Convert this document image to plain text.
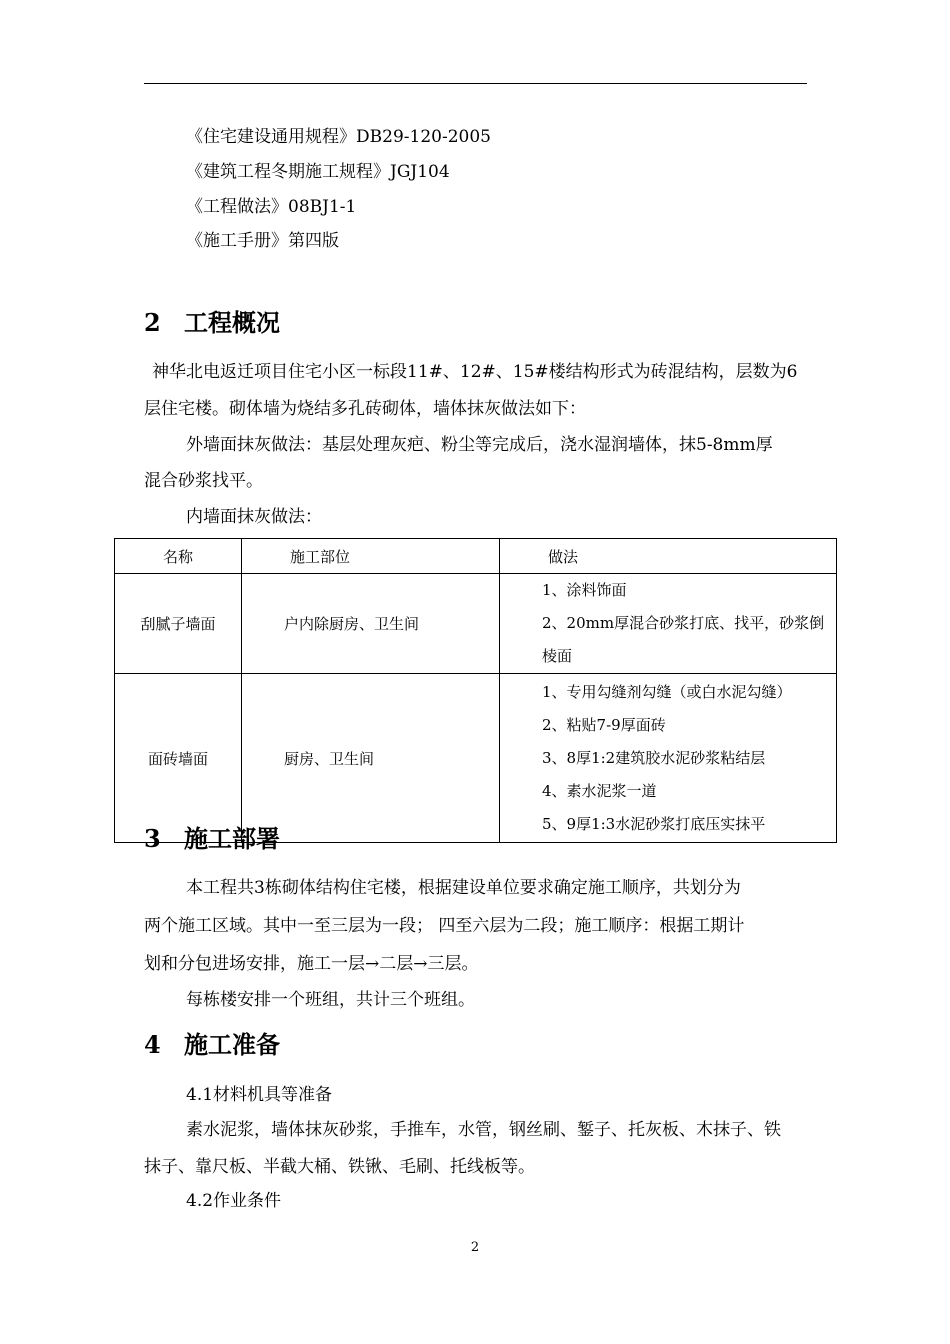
《住宅建设通用规程》DB29-120-2005
《建筑工程冬期施工规程》JGJ104
《工程做法》08BJ1-1
《施工手册》第四版
2 工程概况
神华北电返迁项目住宅小区一标段11#、12#、15#楼结构形式为砖混结构，层数为6
层住宅楼。砌体墙为烧结多孔砖砌体，墙体抹灰做法如下：
外墙面抹灰做法：基层处理灰疤、粉尘等完成后，浇水湿润墙体，抹5-8mm厚
混合砂浆找平。
内墙面抹灰做法：
名称	施工部位	做法
刮腻子墙面	户内除厨房、卫生间	1、涂料饰面
2、20mm厚混合砂浆打底、找平，砂浆倒棱面

面砖墙面	厨房、卫生间	1、专用勾缝剂勾缝（或白水泥勾缝）
2、粘贴7-9厚面砖
3、8厚1:2建筑胶水泥砂浆粘结层
4、素水泥浆一道
5、9厚1:3水泥砂浆打底压实抹平
3 施工部署
本工程共3栋砌体结构住宅楼，根据建设单位要求确定施工顺序，共划分为
两个施工区域。其中一至三层为一段； 四至六层为二段；施工顺序：根据工期计
划和分包进场安排，施工一层→二层→三层。
每栋楼安排一个班组，共计三个班组。
4 施工准备
4.1材料机具等准备
素水泥浆，墙体抹灰砂浆，手推车，水管，钢丝刷、錾子、托灰板、木抹子、铁
抹子、靠尺板、半截大桶、铁锹、毛刷、托线板等。
4.2作业条件
2
